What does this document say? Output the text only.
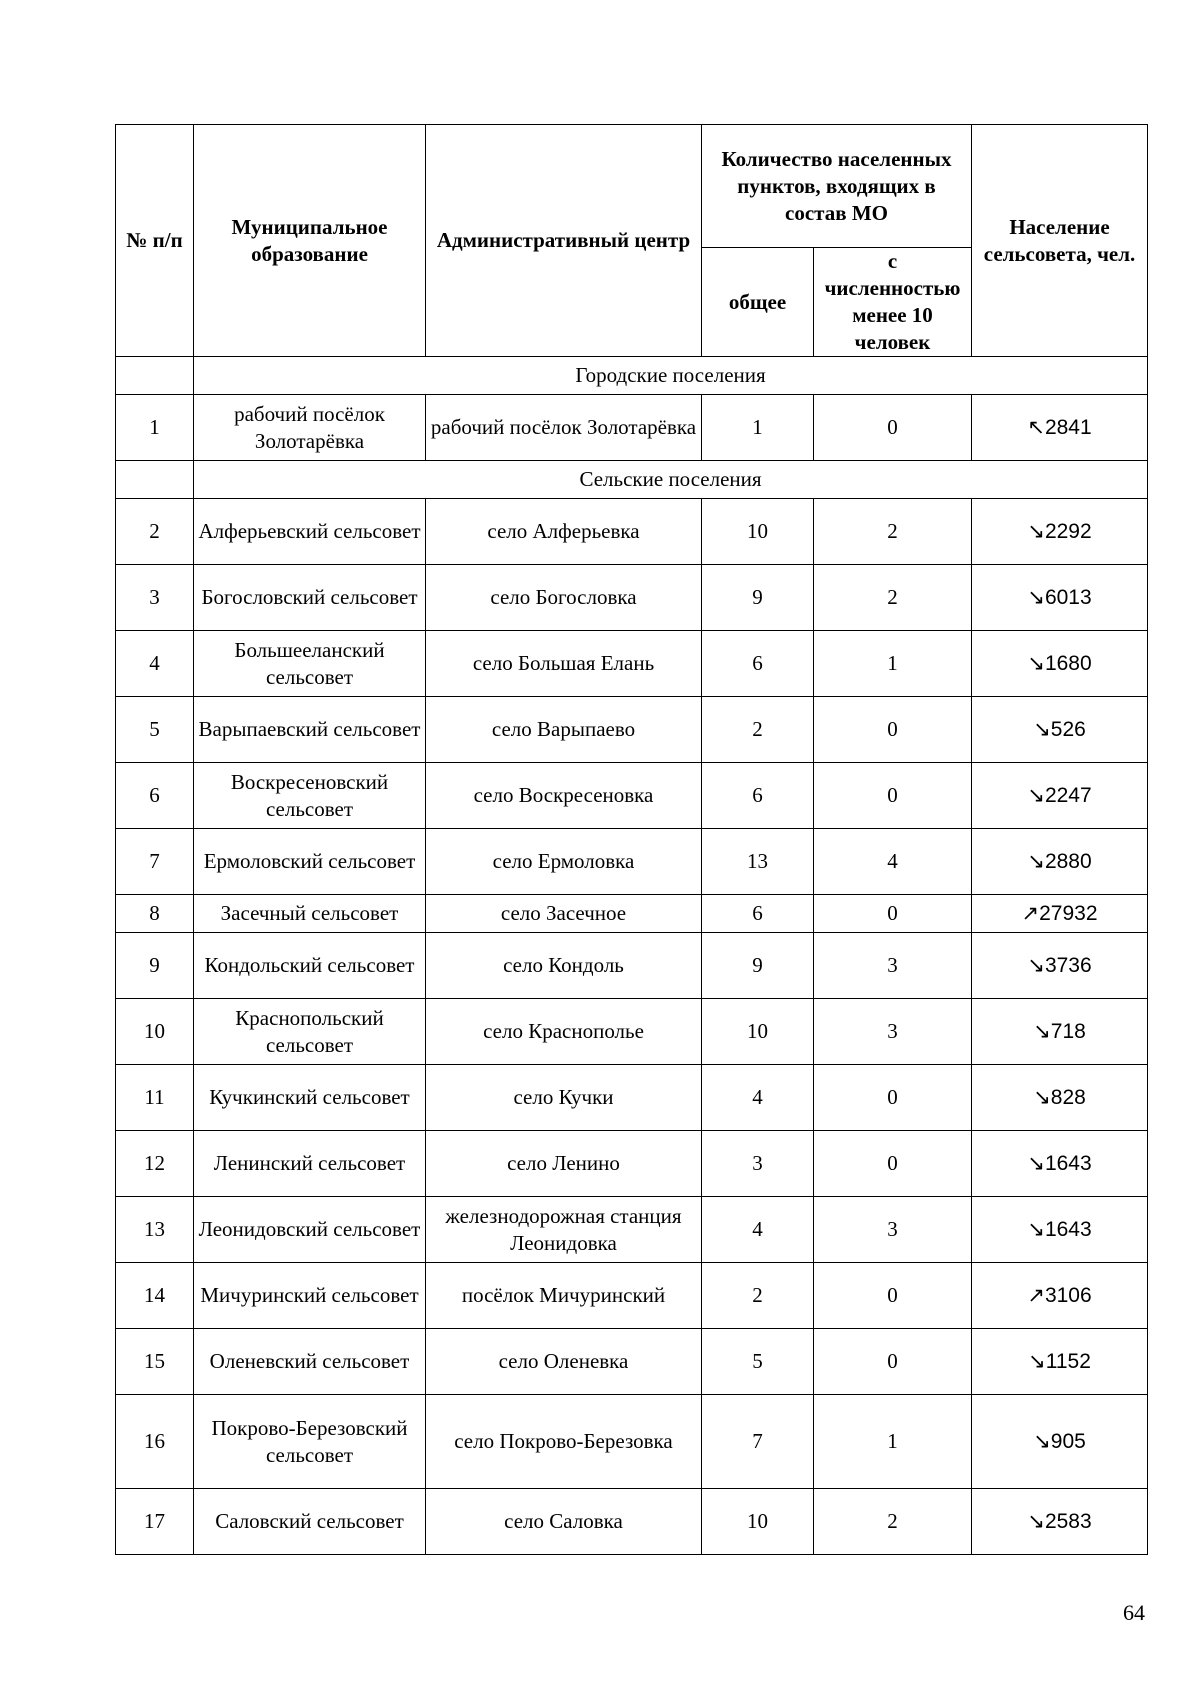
№ п/п	Муниципальное образование	Административный центр	Количество населенных пунктов, входящих в состав МО		Население сельсовета, чел.
			общее	с численностью менее 10 человек	
	Городские поселения				
1	рабочий посёлок Золотарёвка	рабочий посёлок Золотарёвка	1	0	↖2841
	Сельские поселения				
2	Алферьевский сельсовет	село Алферьевка	10	2	↘2292
3	Богословский сельсовет	село Богословка	9	2	↘6013
4	Большееланский сельсовет	село Большая Елань	6	1	↘1680
5	Варыпаевский сельсовет	село Варыпаево	2	0	↘526
6	Воскресеновский сельсовет	село Воскресеновка	6	0	↘2247
7	Ермоловский сельсовет	село Ермоловка	13	4	↘2880
8	Засечный сельсовет	село Засечное	6	0	↗27932
9	Кондольский сельсовет	село Кондоль	9	3	↘3736
10	Краснопольский сельсовет	село Краснополье	10	3	↘718
11	Кучкинский сельсовет	село Кучки	4	0	↘828
12	Ленинский сельсовет	село Ленино	3	0	↘1643
13	Леонидовский сельсовет	железнодорожная станция Леонидовка	4	3	↘1643
14	Мичуринский сельсовет	посёлок Мичуринский	2	0	↗3106
15	Оленевский сельсовет	село Оленевка	5	0	↘1152
16	Покрово-Березовский сельсовет	село Покрово-Березовка	7	1	↘905
17	Саловский сельсовет	село Саловка	10	2	↘2583
64
